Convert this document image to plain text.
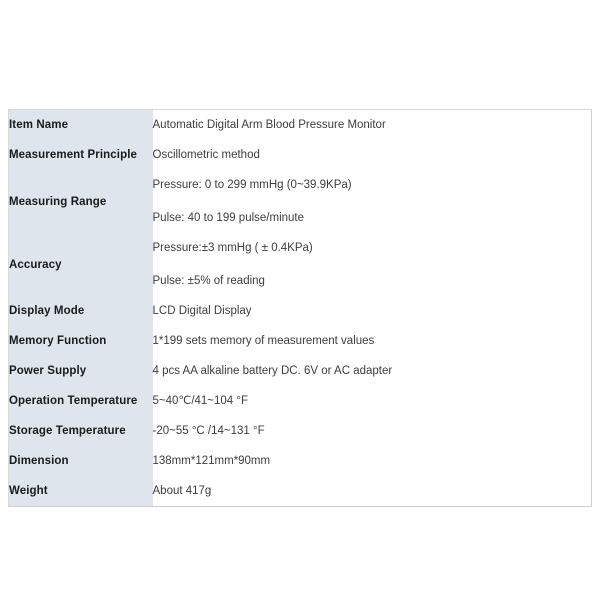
Item Name	Automatic Digital Arm Blood Pressure Monitor

Measurement Principle	Oscillometric method

Measuring Range	Pressure: 0 to 299 mmHg (0~39.9KPa)
Pulse: 40 to 199 pulse/minute

Accuracy	Pressure:±3 mmHg ( ± 0.4KPa)
Pulse: ±5% of reading

Display Mode	LCD Digital Display

Memory Function	1*199 sets memory of measurement values

Power Supply	4 pcs AA alkaline battery DC. 6V or AC adapter

Operation Temperature	5~40℃/41~104 °F

Storage Temperature	-20~55 °C /14~131 °F

Dimension	138mm*121mm*90mm

Weight	About 417g
